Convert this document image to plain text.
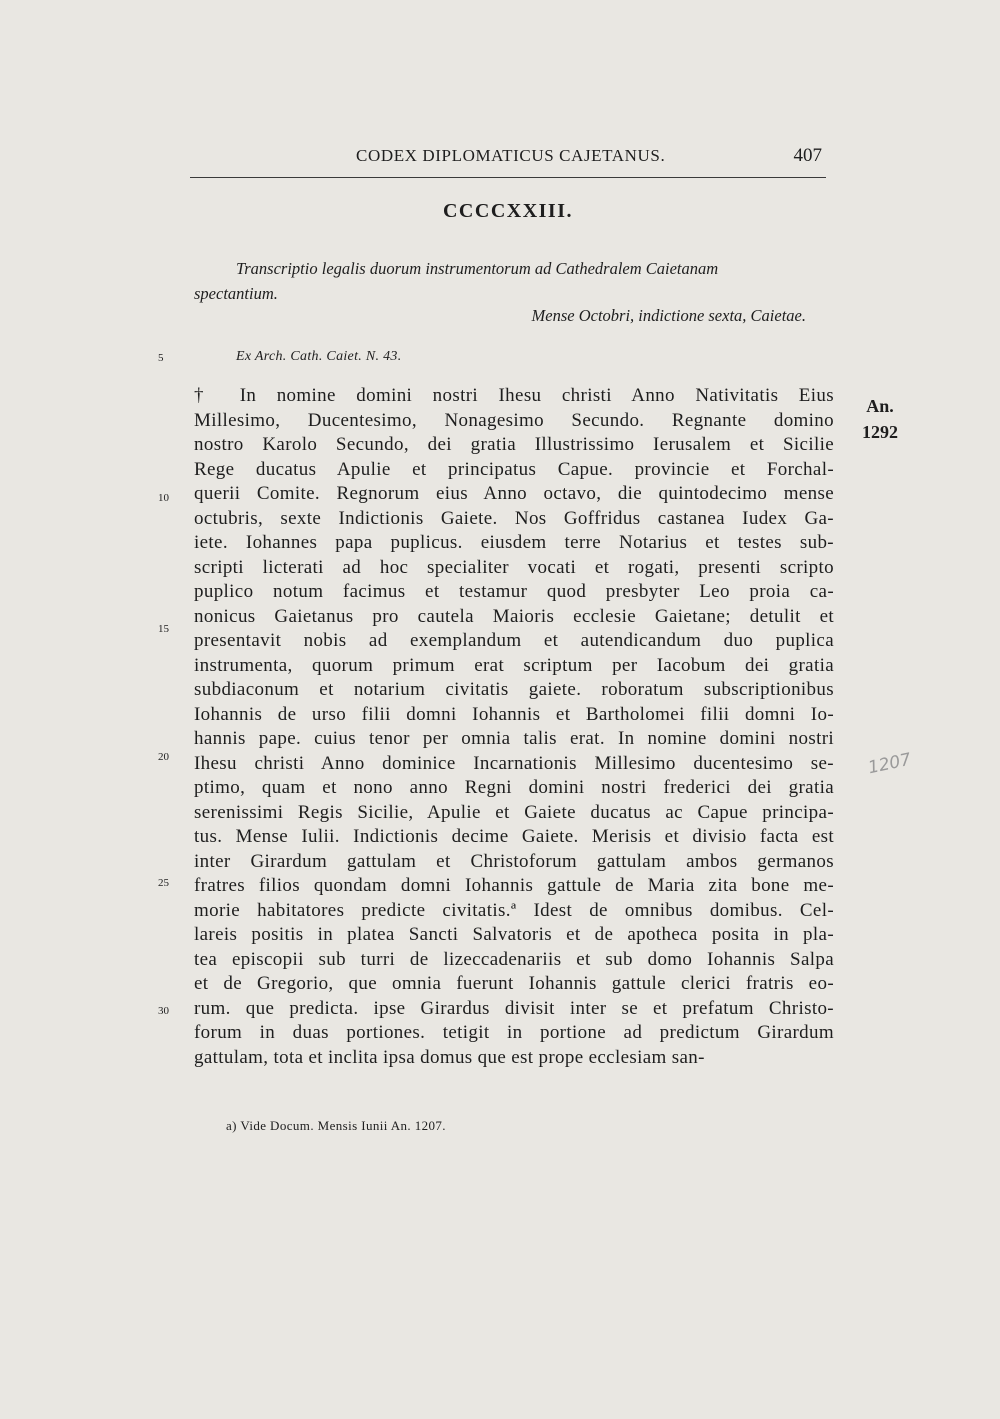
CODEX DIPLOMATICUS CAJETANUS.	407
CCCCXXIII.

Transcriptio legalis duorum instrumentorum ad Cathedralem Caietanam

spectantium.

Mense Octobri, indictione sexta, Caietae.
Ex Arch. Cath. Caiet. N. 43.
An.
1292
1207
† In nomine domini nostri Ihesu christi Anno Nativitatis Eius
Millesimo, Ducentesimo, Nonagesimo Secundo. Regnante domino
nostro Karolo Secundo, dei gratia Illustrissimo Ierusalem et Sicilie
Rege ducatus Apulie et principatus Capue. provincie et Forchal-
querii Comite. Regnorum eius Anno octavo, die quintodecimo mense
octubris, sexte Indictionis Gaiete. Nos Goffridus castanea Iudex Ga-
iete. Iohannes papa puplicus. eiusdem terre Notarius et testes sub-
scripti licterati ad hoc specialiter vocati et rogati, presenti scripto
puplico notum facimus et testamur quod presbyter Leo proia ca-
nonicus Gaietanus pro cautela Maioris ecclesie Gaietane; detulit et
presentavit nobis ad exemplandum et autendicandum duo puplica
instrumenta, quorum primum erat scriptum per Iacobum dei gratia
subdiaconum et notarium civitatis gaiete. roboratum subscriptionibus
Iohannis de urso filii domni Iohannis et Bartholomei filii domni Io-
hannis pape. cuius tenor per omnia talis erat. In nomine domini nostri
Ihesu christi Anno dominice Incarnationis Millesimo ducentesimo se-
ptimo, quam et nono anno Regni domini nostri frederici dei gratia
serenissimi Regis Sicilie, Apulie et Gaiete ducatus ac Capue principa-
tus. Mense Iulii. Indictionis decime Gaiete. Merisis et divisio facta est
inter Girardum gattulam et Christoforum gattulam ambos germanos
fratres filios quondam domni Iohannis gattule de Maria zita bone me-
morie habitatores predicte civitatis.ª Idest de omnibus domibus. Cel-
lareis positis in platea Sancti Salvatoris et de apotheca posita in pla-
tea episcopii sub turri de lizeccadenariis et sub domo Iohannis Salpa
et de Gregorio, que omnia fuerunt Iohannis gattule clerici fratris eo-
rum. que predicta. ipse Girardus divisit inter se et prefatum Christo-
forum in duas portiones. tetigit in portione ad predictum Girardum
gattulam, tota et inclita ipsa domus que est prope ecclesiam san-
a) Vide Docum. Mensis Iunii An. 1207.
5
10
15
20
25
30
